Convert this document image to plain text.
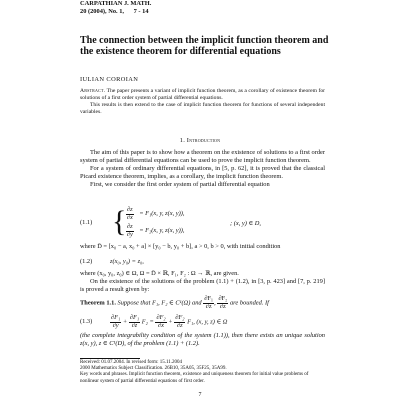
CARPATHIAN J. MATH.
20 (2004), No. 1, 7 - 14
The connection between the implicit function theorem and the existence theorem for differential equations
IULIAN COROIAN
Abstract. The paper presents a variant of implicit function theorem, as a corollary of existence theorem for solutions of a first order system of partial differential equations.
This results is then extend to the case of implicit function theorem for functions of several independent variables.
1. Introduction
The aim of this paper is to show how a theorem on the existence of solutions to a first order system of partial differential equations can be used to prove the implicit function theorem.
For a system of ordinary differential equations, in [5, p. 62], it is proved that the classical Picard existence theorem, implies, as a corollary, the implicit function theorem.
First, we consider the first order system of partial differential equation
(1.1) { $\frac{\partial z}{\partial x} = F_1(x$, y, z(x, y)),
$\frac{\partial z}{\partial y} = F_2(x$, y, z(x, y)),
; (x, y) ∈ D,
where D̄ = [x₀ − a, x₀ + a] × [y₀ − b, y₀ + b], a > 0, b > 0, with initial condition
(1.2)	z(x₀, y₀) = z₀,
where (x₀, y₀, z₀) ∈ Ω, Ω = D̄ × ℝ, F₁, F₂ : Ω → ℝ, are given.
On the existence of the solutions of the problem (1.1) + (1.2), in [3, p. 423] and [7, p. 219] is proved a result given by:
Theorem 1.1. Suppose that F₁, F₂ ∈ C¹(Ω) and $\frac{\text{∂F₁}}{\partial z}$ , $\frac{\text{∂F₂}}{\partial z}$ are bounded. If
(1.3)	$\frac{\text{∂F₁}}{\partial y} + \frac{\text{∂F₁}}{\partial z} F_2 = \frac{\text{∂F₂}}{\partial x} + \frac{\text{∂F₂}}{\partial z} F_1$, (x, y, z) ∈ Ω
(the complete integrability condition of the system (1.1)), then there exists an unique solution z(x, y), z ∈ C¹(D), of the problem (1.1) + (1.2).
Received: 01.07.2004. In revised form: 15.11.2004
2000 Mathematics Subject Classification. 26B10, 35A05, 35F25, 35A99.
Key words and phrases. Implicit function theorem, existence and uniqueness theorem for initial value problems of nonlinear system of partial differential equations of first order.
7
